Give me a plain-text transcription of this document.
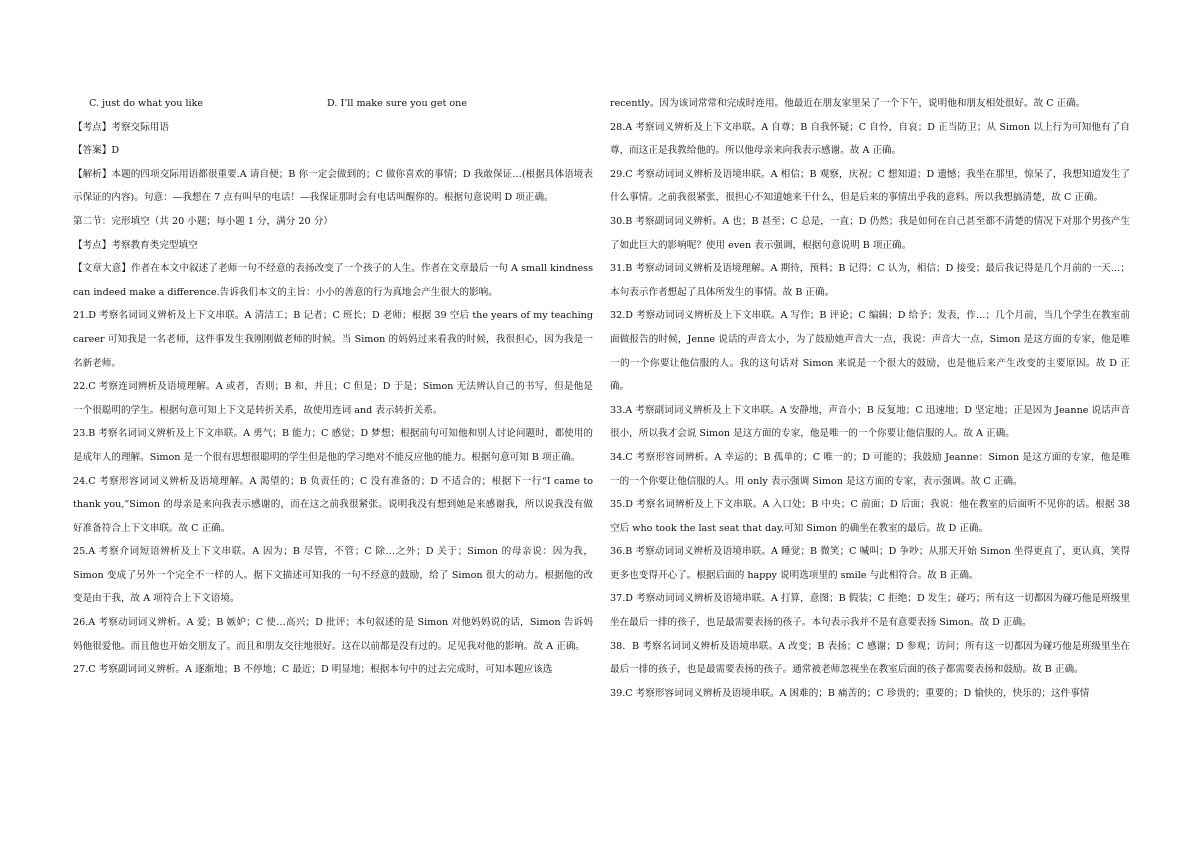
C. just do what you like	D. I’ll make sure you get one

【考点】考察交际用语

【答案】D

【解析】本题的四项交际用语都很重要.A 请自便；B 你一定会做到的；C 做你喜欢的事情；D 我敢保证…(根据具体语境表示保证的内容)。句意：—我想在 7 点有叫早的电话！—我保证那时会有电话叫醒你的。根据句意说明 D 项正确。

第二节：完形填空（共 20 小题；每小题 1 分，满分 20 分）

【考点】考察教育类完型填空

【文章大意】作者在本文中叙述了老师一句不经意的表扬改变了一个孩子的人生。作者在文章最后一句 A small kindness can indeed make a difference.告诉我们本文的主旨：小小的善意的行为真地会产生很大的影响。

21.D 考察名词词义辨析及上下文串联。A 清洁工；B 记者；C 班长；D 老师；根据 39 空后 the years of my teaching career 可知我是一名老师，这件事发生我刚刚做老师的时候。当 Simon 的妈妈过来看我的时候，我很担心，因为我是一名新老师。

22.C 考察连词辨析及语境理解。A 或者，否则；B 和，并且；C 但是；D 于是；Simon 无法辨认自己的书写，但是他是一个很聪明的学生。根据句意可知上下文是转折关系，故使用连词 and 表示转折关系。

23.B 考察名词词义辨析及上下文串联。A 勇气；B 能力；C 感觉；D 梦想；根据前句可知他和别人讨论问题时，都使用的是成年人的理解。Simon 是一个很有思想很聪明的学生但是他的学习绝对不能反应他的能力。根据句意可知 B 项正确。

24.C 考察形容词词义辨析及语境理解。A 渴望的；B 负责任的；C 没有准备的；D 不适合的；根据下一行“I came to thank you,”Simon 的母亲是来向我表示感谢的，而在这之前我很紧张。说明我没有想到她是来感谢我，所以说我没有做好准备符合上下文串联。故 C 正确。

25.A 考察介词短语辨析及上下文串联。A 因为；B 尽管，不管；C 除…之外；D 关于；Simon 的母亲说：因为我，Simon 变成了另外一个完全不一样的人。据下文描述可知我的一句不经意的鼓励，给了 Simon 很大的动力。根据他的改变是由于我，故 A 项符合上下文语境。

26.A 考察动词词义辨析。A 爱；B 嫉妒；C 使…高兴；D 批评；本句叙述的是 Simon 对他妈妈说的话，Simon 告诉妈妈他很爱他。而且他也开始交朋友了。而且和朋友交往地很好。这在以前都是没有过的。足见我对他的影响。故 A 正确。

27.C 考察副词词义辨析。A 逐渐地；B 不停地；C 最近；D 明显地；根据本句中的过去完成时，可知本题应该选

recently。因为该词常常和完成时连用。他最近在朋友家里呆了一个下午，说明他和朋友相处很好。故 C 正确。

28.A 考察词义辨析及上下文串联。A 自尊；B 自我怀疑；C 自怜，自哀；D 正当防卫；从 Simon 以上行为可知他有了自尊，而这正是我教给他的。所以他母亲来向我表示感谢。故 A 正确。

29.C 考察动词词义辨析及语境串联。A 相信；B 观察，庆祝；C 想知道；D 遗憾；我坐在那里，惊呆了，我想知道发生了什么事情。之前我很紧张，很担心不知道她来干什么，但是后来的事情出乎我的意料。所以我想搞清楚，故 C 正确。

30.B 考察副词词义辨析。A 也；B 甚至；C 总是，一直；D 仍然；我是如何在自己甚至都不清楚的情况下对那个男孩产生了如此巨大的影响呢？使用 even 表示强调，根据句意说明 B 项正确。

31.B 考察动词词义辨析及语境理解。A 期待，预料；B 记得；C 认为，相信；D 接受；最后我记得是几个月前的一天…；本句表示作者想起了具体所发生的事情。故 B 正确。

32.D 考察动词词义辨析及上下文串联。A 写作；B 评论；C 编辑；D 给予；发表，作…；几个月前，当几个学生在教室前面做报告的时候，Jenne 说话的声音太小，为了鼓励她声音大一点，我说：声音大一点，Simon 是这方面的专家，他是唯一的一个你要让他信服的人。我的这句话对 Simon 来说是一个很大的鼓励，也是他后来产生改变的主要原因。故 D 正确。

33.A 考察副词词义辨析及上下文串联。A 安静地，声音小；B 反复地；C 迅速地；D 坚定地；正是因为 Jeanne 说话声音很小，所以我才会说 Simon 是这方面的专家，他是唯一的一个你要让他信服的人。故 A 正确。

34.C 考察形容词辨析。A 幸运的；B 孤单的；C 唯一的；D 可能的；我鼓励 Jeanne：Simon 是这方面的专家，他是唯一的一个你要让他信服的人。用 only 表示强调 Simon 是这方面的专家，表示强调。故 C 正确。

35.D 考察名词辨析及上下文串联。A 入口处；B 中央；C 前面；D 后面；我说：他在教室的后面听不见你的话。根据 38 空后 who took the last seat that day.可知 Simon 的确坐在教室的最后。故 D 正确。

36.B 考察动词词义辨析及语境串联。A 睡觉；B 微笑；C 喊叫；D 争吵；从那天开始 Simon 坐得更直了，更认真，笑得更多也变得开心了。根据后面的 happy 说明选项里的 smile 与此相符合。故 B 正确。

37.D 考察动词词义辨析及语境串联。A 打算，意图；B 假装；C 拒绝；D 发生；碰巧；所有这一切都因为碰巧他是班级里坐在最后一排的孩子，也是最需要表扬的孩子。本句表示我并不是有意要表扬 Simon。故 D 正确。

38．B 考察名词词义辨析及语境串联。A 改变；B 表扬；C 感谢；D 参观；访问；所有这一切都因为碰巧他是班级里坐在最后一排的孩子，也是最需要表扬的孩子。通常被老师忽视坐在教室后面的孩子都需要表扬和鼓励。故 B 正确。

39.C 考察形容词词义辨析及语境串联。A 困难的；B 痛苦的；C 珍贵的；重要的；D 愉快的，快乐的；这件事情
